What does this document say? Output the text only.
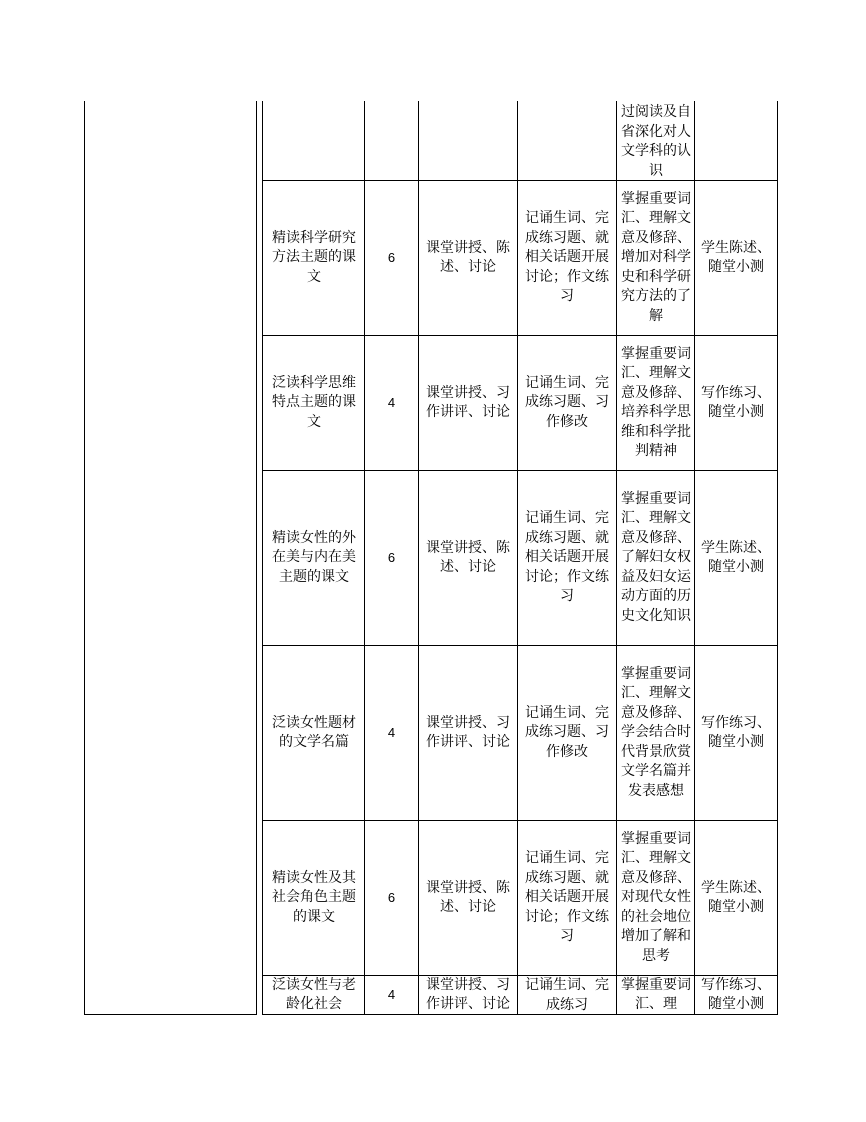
过阅读及自省深化对人文学科的认识
精读科学研究方法主题的课文
6
课堂讲授、陈述、讨论
记诵生词、完成练习题、就相关话题开展讨论；作文练习
掌握重要词汇、理解文意及修辞、增加对科学史和科学研究方法的了解
学生陈述、随堂小测
泛读科学思维特点主题的课文
4
课堂讲授、习作讲评、讨论
记诵生词、完成练习题、习作修改
掌握重要词汇、理解文意及修辞、培养科学思维和科学批判精神
写作练习、随堂小测
精读女性的外在美与内在美主题的课文
6
课堂讲授、陈述、讨论
记诵生词、完成练习题、就相关话题开展讨论；作文练习
掌握重要词汇、理解文意及修辞、了解妇女权益及妇女运动方面的历史文化知识
学生陈述、随堂小测
泛读女性题材的文学名篇
4
课堂讲授、习作讲评、讨论
记诵生词、完成练习题、习作修改
掌握重要词汇、理解文意及修辞、学会结合时代背景欣赏文学名篇并发表感想
写作练习、随堂小测
精读女性及其社会角色主题的课文
6
课堂讲授、陈述、讨论
记诵生词、完成练习题、就相关话题开展讨论；作文练习
掌握重要词汇、理解文意及修辞、对现代女性的社会地位增加了解和思考
学生陈述、随堂小测
泛读女性与老龄化社会
4
课堂讲授、习作讲评、讨论
记诵生词、完成练习
掌握重要词汇、理
写作练习、随堂小测
